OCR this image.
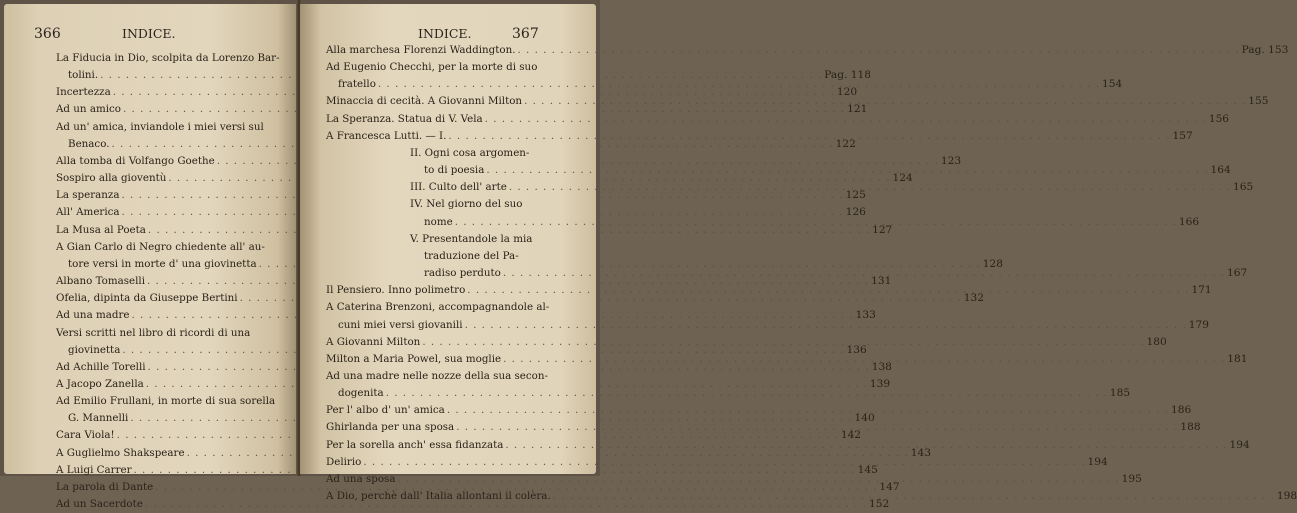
366	INDICE.
La Fiducia in Dio, scolpita da Lorenzo Bar-
tolini. . . .	Pag. 118
Incertezza . . .	120
Ad un amico . . .	121
Ad un' amica, inviandole i miei versi sul
Benaco. . . .	122
Alla tomba di Volfango Goethe . . .	123
Sospiro alla gioventù . . .	124
La speranza . . .	125
All' America . . .	126
La Musa al Poeta . . .	127
A Gian Carlo di Negro chiedente all' au-
tore versi in morte d' una giovinetta . . .	128
Albano Tomaselli . . .	131
Ofelia, dipinta da Giuseppe Bertini . . .	132
Ad una madre . . .	133
Versi scritti nel libro di ricordi di una
giovinetta . . .	136
Ad Achille Torelli . . .	138
A Jacopo Zanella . . .	139
Ad Emilio Frullani, in morte di sua sorella
G. Mannelli . . .	140
Cara Viola! . . .	142
A Guglielmo Shakspeare . . .	143
A Luigi Carrer . . .	145
La parola di Dante . . .	147
Ad un Sacerdote . . .	152
INDICE.	367
Alla marchesa Florenzi Waddington. . . .	Pag. 153
Ad Eugenio Checchi, per la morte di suo
fratello . . .	154
Minaccia di cecità. A Giovanni Milton . . .	155
La Speranza. Statua di V. Vela . . .	156
A Francesca Lutti. — I. . . .	157
II. Ogni cosa argomen-
to di poesia . . .	164
III. Culto dell' arte . . .	165
IV. Nel giorno del suo
nome . . .	166
V. Presentandole la mia
traduzione del Pa-
radiso perduto . . .	167
Il Pensiero. Inno polimetro . . .	171
A Caterina Brenzoni, accompagnandole al-
cuni miei versi giovanili . . .	179
A Giovanni Milton . . .	180
Milton a Maria Powel, sua moglie . . .	181
Ad una madre nelle nozze della sua secon-
dogenita . . .	185
Per l' albo d' un' amica . . .	186
Ghirlanda per una sposa . . .	188
Per la sorella anch' essa fidanzata . . .	194
Delirio . . .	194
Ad una sposa . . .	195
A Dio, perchè dall' Italia allontani il colèra. . . .	198
